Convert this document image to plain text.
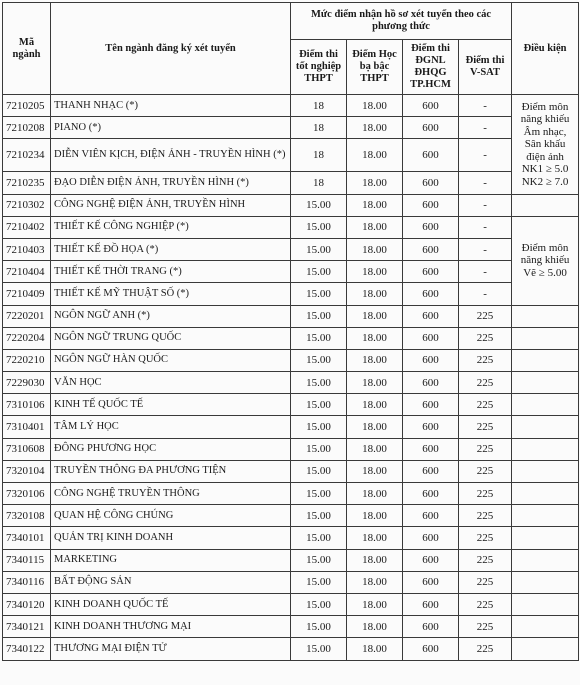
Mã ngành	Tên ngành đăng ký xét tuyển	Mức điểm nhận hồ sơ xét tuyển theo các phương thức				Điều kiện
		Điểm thi tốt nghiệp THPT	Điểm Học bạ bậc THPT	Điểm thi ĐGNL ĐHQG TP.HCM	Điểm thi V-SAT	
7210205	THANH NHẠC (*)	18	18.00	600	-	Điểm môn năng khiếu Âm nhạc, Sân khấu điện ảnh NK1 ≥ 5.0 NK2 ≥ 7.0
7210208	PIANO (*)	18	18.00	600	-	
7210234	DIỄN VIÊN KỊCH, ĐIỆN ẢNH - TRUYỀN HÌNH (*)	18	18.00	600	-	
7210235	ĐẠO DIỄN ĐIỆN ẢNH, TRUYỀN HÌNH (*)	18	18.00	600	-	
7210302	CÔNG NGHỆ ĐIỆN ẢNH, TRUYỀN HÌNH	15.00	18.00	600	-	
7210402	THIẾT KẾ CÔNG NGHIỆP (*)	15.00	18.00	600	-	Điểm môn năng khiếu Vẽ ≥ 5.00
7210403	THIẾT KẾ ĐỒ HỌA (*)	15.00	18.00	600	-	
7210404	THIẾT KẾ THỜI TRANG (*)	15.00	18.00	600	-	
7210409	THIẾT KẾ MỸ THUẬT SỐ (*)	15.00	18.00	600	-	
7220201	NGÔN NGỮ ANH (*)	15.00	18.00	600	225	
7220204	NGÔN NGỮ TRUNG QUỐC	15.00	18.00	600	225	
7220210	NGÔN NGỮ HÀN QUỐC	15.00	18.00	600	225	
7229030	VĂN HỌC	15.00	18.00	600	225	
7310106	KINH TẾ QUỐC TẾ	15.00	18.00	600	225	
7310401	TÂM LÝ HỌC	15.00	18.00	600	225	
7310608	ĐÔNG PHƯƠNG HỌC	15.00	18.00	600	225	
7320104	TRUYỀN THÔNG ĐA PHƯƠNG TIỆN	15.00	18.00	600	225	
7320106	CÔNG NGHỆ TRUYỀN THÔNG	15.00	18.00	600	225	
7320108	QUAN HỆ CÔNG CHÚNG	15.00	18.00	600	225	
7340101	QUẢN TRỊ KINH DOANH	15.00	18.00	600	225	
7340115	MARKETING	15.00	18.00	600	225	
7340116	BẤT ĐỘNG SẢN	15.00	18.00	600	225	
7340120	KINH DOANH QUỐC TẾ	15.00	18.00	600	225	
7340121	KINH DOANH THƯƠNG MẠI	15.00	18.00	600	225	
7340122	THƯƠNG MẠI ĐIỆN TỬ	15.00	18.00	600	225	
